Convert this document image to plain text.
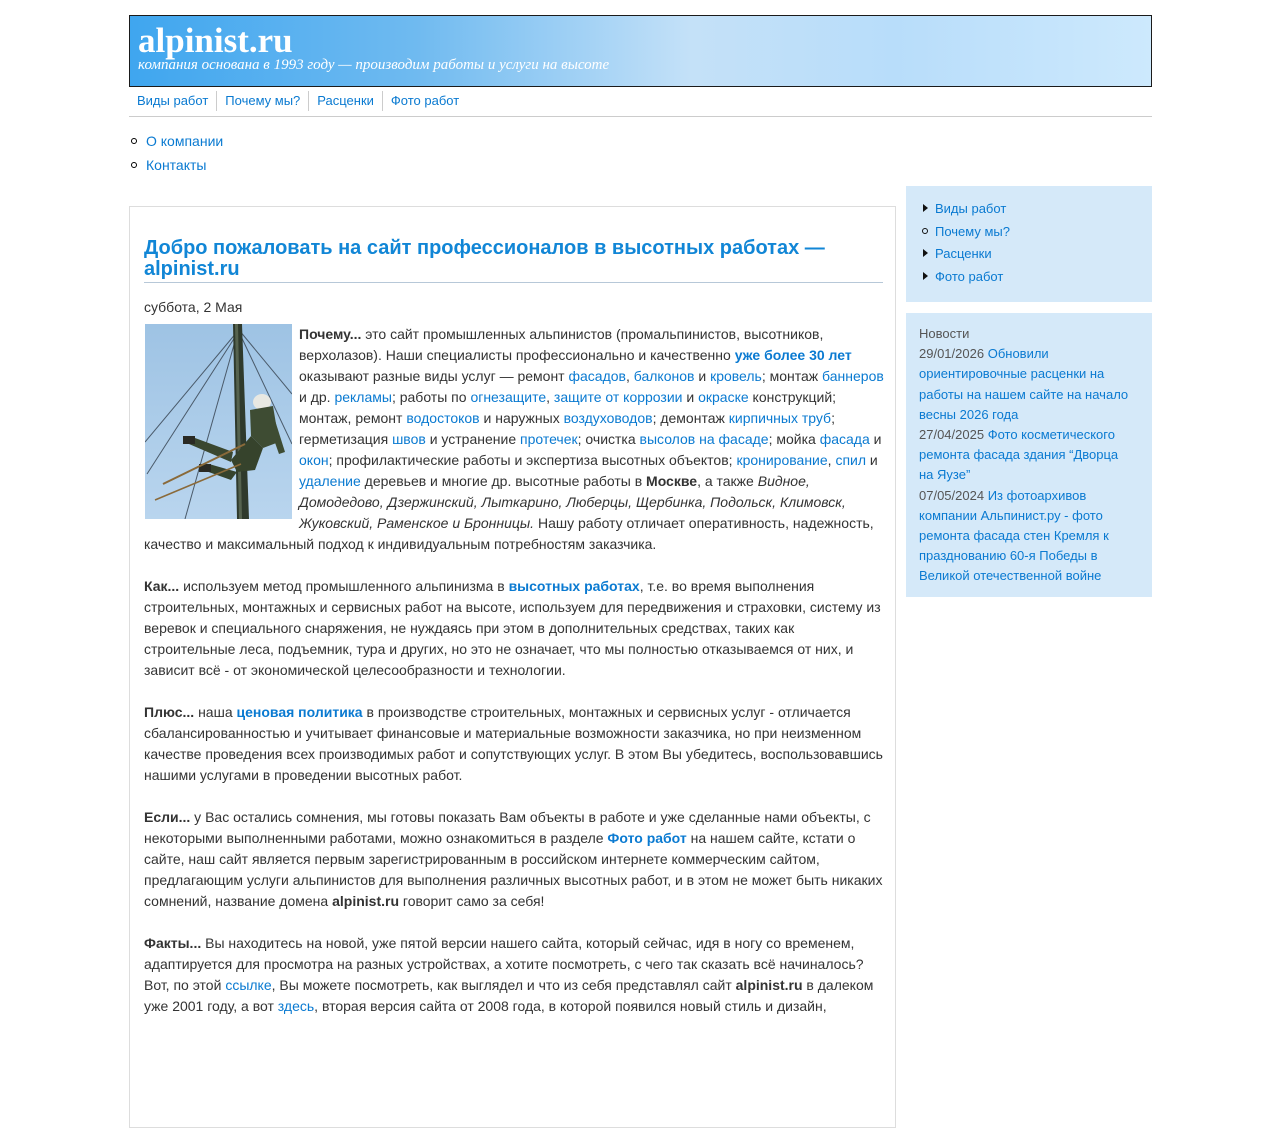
alpinist.ru
компания основана в 1993 году — производим работы и услуги на высоте
Виды работ	Почему мы?	Расценки	Фото работ
О компании
Контакты
Добро пожаловать на сайт профессионалов в высотных работах — alpinist.ru
суббота, 2 Мая

Почему... это сайт промышленных альпинистов (промальпинистов, высотников, верхолазов). Наши специалисты профессионально и качественно уже более 30 лет оказывают разные виды услуг — ремонт фасадов, балконов и кровель; монтаж баннеров и др. рекламы; работы по огнезащите, защите от коррозии и окраске конструкций; монтаж, ремонт водостоков и наружных воздуховодов; демонтаж кирпичных труб; герметизация швов и устранение протечек; очистка высолов на фасаде; мойка фасада и окон; профилактические работы и экспертиза высотных объектов; кронирование, спил и удаление деревьев и многие др. высотные работы в Москве, а также Видное, Домодедово, Дзержинский, Лыткарино, Люберцы, Щербинка, Подольск, Климовск, Жуковский, Раменское и Бронницы. Нашу работу отличает оперативность, надежность, качество и максимальный подход к индивидуальным потребностям заказчика.

Как... используем метод промышленного альпинизма в высотных работах, т.е. во время выполнения строительных, монтажных и сервисных работ на высоте, используем для передвижения и страховки, систему из веревок и специального снаряжения, не нуждаясь при этом в дополнительных средствах, таких как строительные леса, подъемник, тура и других, но это не означает, что мы полностью отказываемся от них, и зависит всё - от экономической целесообразности и технологии.

Плюс... наша ценовая политика в производстве строительных, монтажных и сервисных услуг - отличается сбалансированностью и учитывает финансовые и материальные возможности заказчика, но при неизменном качестве проведения всех производимых работ и сопутствующих услуг. В этом Вы убедитесь, воспользовавшись нашими услугами в проведении высотных работ.

Если... у Вас остались сомнения, мы готовы показать Вам объекты в работе и уже сделанные нами объекты, с некоторыми выполненными работами, можно ознакомиться в разделе Фото работ на нашем сайте, кстати о сайте, наш сайт является первым зарегистрированным в российском интернете коммерческим сайтом, предлагающим услуги альпинистов для выполнения различных высотных работ, и в этом не может быть никаких сомнений, название домена alpinist.ru говорит само за себя!

Факты... Вы находитесь на новой, уже пятой версии нашего сайта, который сейчас, идя в ногу со временем, адаптируется для просмотра на разных устройствах, а хотите посмотреть, с чего так сказать всё начиналось? Вот, по этой ссылке, Вы можете посмотреть, как выглядел и что из себя представлял сайт alpinist.ru в далеком уже 2001 году, а вот здесь, вторая версия сайта от 2008 года, в которой появился новый стиль и дизайн,

Виды работ
Почему мы?
Расценки
Фото работ
Новости
29/01/2026 Обновили ориентировочные расценки на работы на нашем сайте на начало весны 2026 года
27/04/2025 Фото косметического ремонта фасада здания “Дворца на Яузе”
07/05/2024 Из фотоархивов компании Альпинист.ру - фото ремонта фасада стен Кремля к празднованию 60-я Победы в Великой отечественной войне
